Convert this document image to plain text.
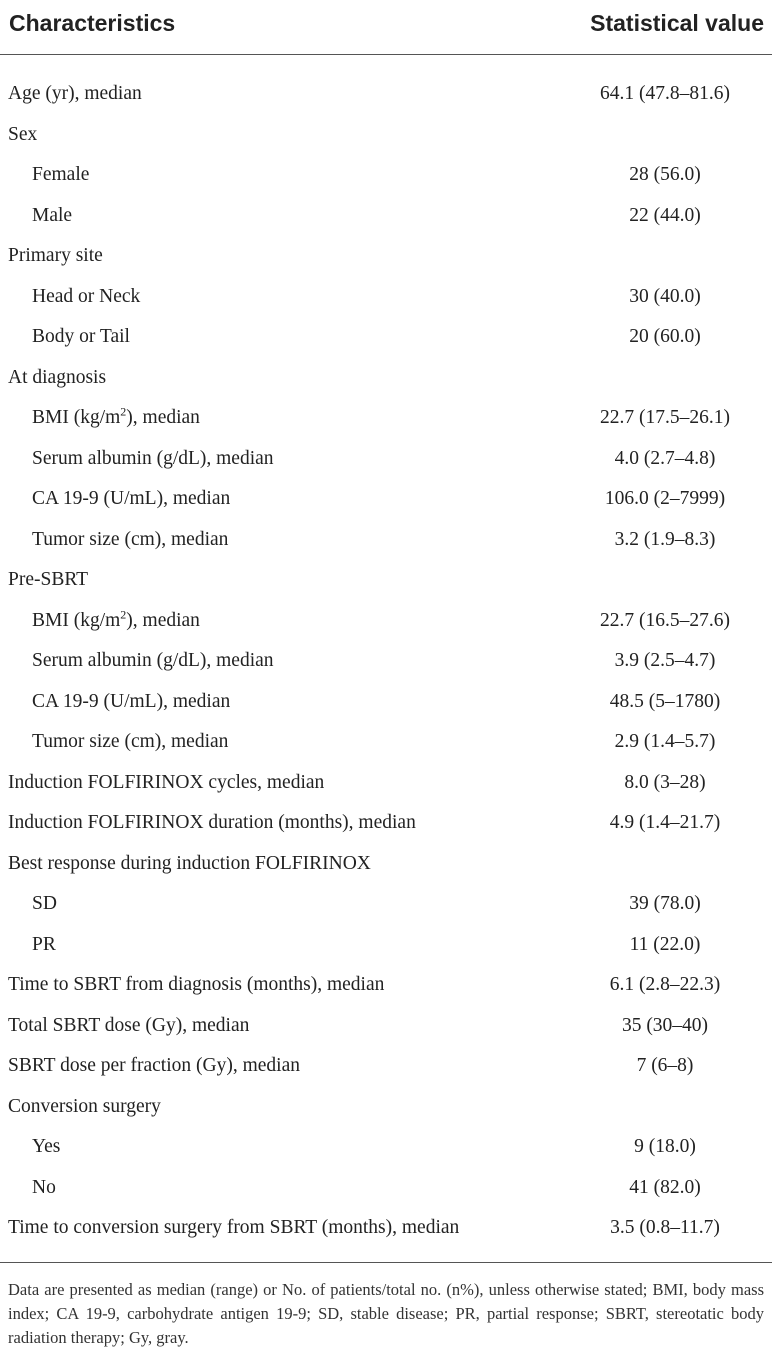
Characteristics	Statistical value
Age (yr), median	64.1 (47.8–81.6)
Sex
Female	28 (56.0)
Male	22 (44.0)
Primary site
Head or Neck	30 (40.0)
Body or Tail	20 (60.0)
At diagnosis
BMI $(kg/m^2)$, median	22.7 (17.5–26.1)
Serum albumin (g/dL), median	4.0 (2.7–4.8)
CA 19-9 (U/mL), median	106.0 (2–7999)
Tumor size (cm), median	3.2 (1.9–8.3)
Pre-SBRT
BMI $(kg/m^2)$, median	22.7 (16.5–27.6)
Serum albumin (g/dL), median	3.9 (2.5–4.7)
CA 19-9 (U/mL), median	48.5 (5–1780)
Tumor size (cm), median	2.9 (1.4–5.7)
Induction FOLFIRINOX cycles, median	8.0 (3–28)
Induction FOLFIRINOX duration (months), median	4.9 (1.4–21.7)
Best response during induction FOLFIRINOX
SD	39 (78.0)
PR	11 (22.0)
Time to SBRT from diagnosis (months), median	6.1 (2.8–22.3)
Total SBRT dose (Gy), median	35 (30–40)
SBRT dose per fraction (Gy), median	7 (6–8)
Conversion surgery
Yes	9 (18.0)
No	41 (82.0)
Time to conversion surgery from SBRT (months), median	3.5 (0.8–11.7)
Data are presented as median (range) or No. of patients/total no. (n%), unless otherwise stated; BMI, body mass index; CA 19-9, carbohydrate antigen 19-9; SD, stable disease; PR, partial response; SBRT, stereotatic body radiation therapy; Gy, gray.
